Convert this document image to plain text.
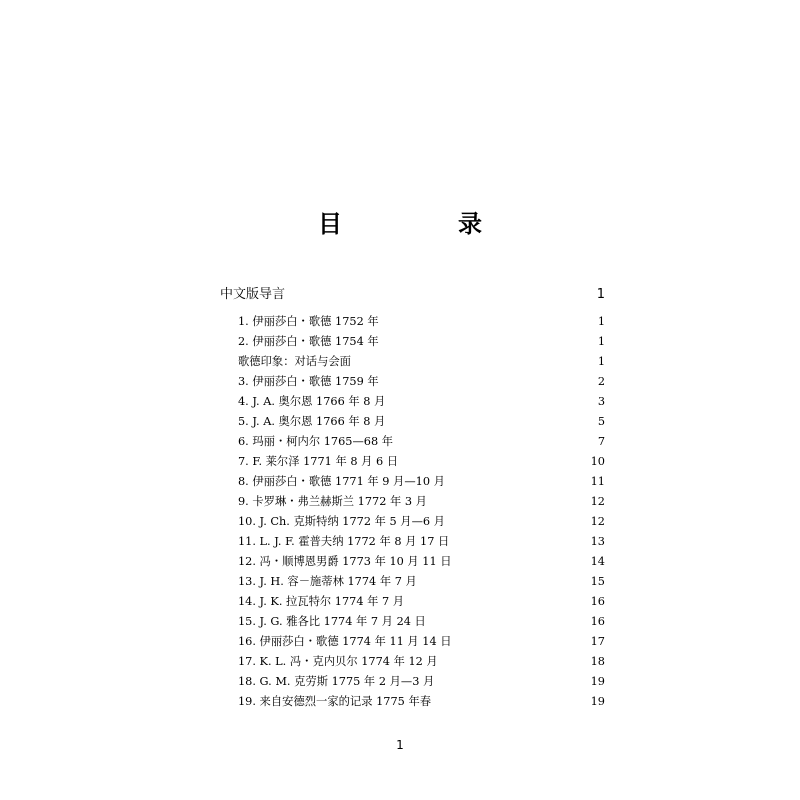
目　录
中文版导言	1
1. 伊丽莎白・歌德 1752 年	1
2. 伊丽莎白・歌德 1754 年	1
歌德印象：对话与会面	1
3. 伊丽莎白・歌德 1759 年	2
4. J. A. 奥尔恩 1766 年 8 月	3
5. J. A. 奥尔恩 1766 年 8 月	5
6. 玛丽・柯内尔 1765—68 年	7
7. F. 莱尔泽 1771 年 8 月 6 日	10
8. 伊丽莎白・歌德 1771 年 9 月—10 月	11
9. 卡罗琳・弗兰赫斯兰 1772 年 3 月	12
10. J. Ch. 克斯特纳 1772 年 5 月—6 月	12
11. L. J. F. 霍普夫纳 1772 年 8 月 17 日	13
12. 冯・顺博恩男爵 1773 年 10 月 11 日	14
13. J. H. 容－施蒂林 1774 年 7 月	15
14. J. K. 拉瓦特尔 1774 年 7 月	16
15. J. G. 雅各比 1774 年 7 月 24 日	16
16. 伊丽莎白・歌德 1774 年 11 月 14 日	17
17. K. L. 冯・克内贝尔 1774 年 12 月	18
18. G. M. 克劳斯 1775 年 2 月—3 月	19
19. 来自安德烈一家的记录 1775 年春	19
1
